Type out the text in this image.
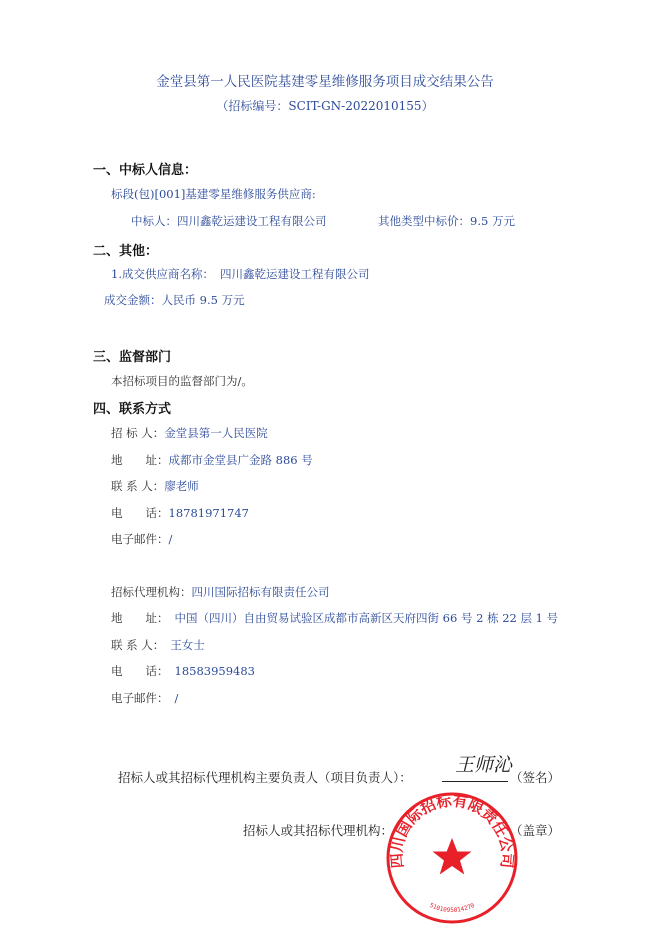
金堂县第一人民医院基建零星维修服务项目成交结果公告
（招标编号：SCIT-GN-2022010155）
一、中标人信息：
标段(包)[001]基建零星维修服务供应商:
中标人：四川鑫乾运建设工程有限公司	其他类型中标价：9.5 万元
二、其他：
1.成交供应商名称： 四川鑫乾运建设工程有限公司
成交金额：人民币 9.5 万元
三、监督部门
本招标项目的监督部门为/。
四、联系方式
招 标 人：金堂县第一人民医院
地　　址：成都市金堂县广金路 886 号
联 系 人：廖老师
电　　话：18781971747
电子邮件：/
招标代理机构：四川国际招标有限责任公司
地　　址： 中国（四川）自由贸易试验区成都市高新区天府四街 66 号 2 栋 22 层 1 号
联 系 人： 王女士
电　　话： 18583959483
电子邮件： /
招标人或其招标代理机构主要负责人（项目负责人）：
王师沁
（签名）
招标人或其招标代理机构：	（盖章）
四川国际招标有限责任公司
5101095014270
